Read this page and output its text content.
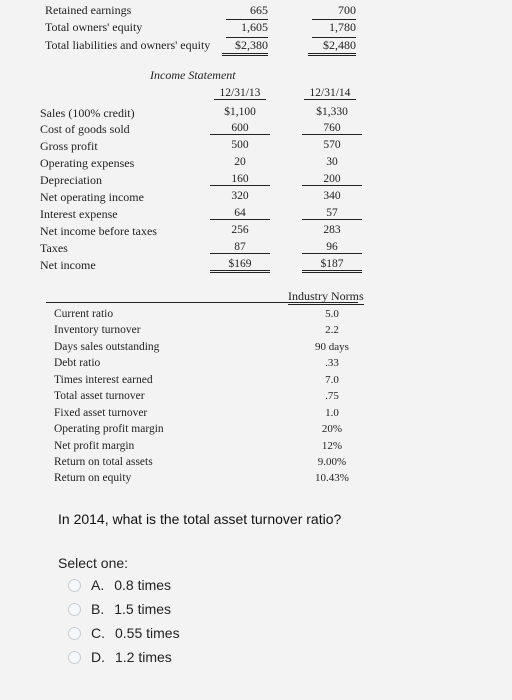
Retained earnings	665	700
Total owners' equity	1,605	1,780
Total liabilities and owners' equity	$2,380	$2,480
Income Statement
12/31/13	12/31/14
Sales (100% credit)	$1,100	$1,330
Cost of goods sold	600	760
Gross profit	500	570
Operating expenses	20	30
Depreciation	160	200
Net operating income	320	340
Interest expense	64	57
Net income before taxes	256	283
Taxes	87	96
Net income	$169	$187
Industry Norms
Current ratio	5.0
Inventory turnover	2.2
Days sales outstanding	90 days
Debt ratio	.33
Times interest earned	7.0
Total asset turnover	.75
Fixed asset turnover	1.0
Operating profit margin	20%
Net profit margin	12%
Return on total assets	9.00%
Return on equity	10.43%
In 2014, what is the total asset turnover ratio?
Select one:
A. 0.8 times
B. 1.5 times
C. 0.55 times
D. 1.2 times
